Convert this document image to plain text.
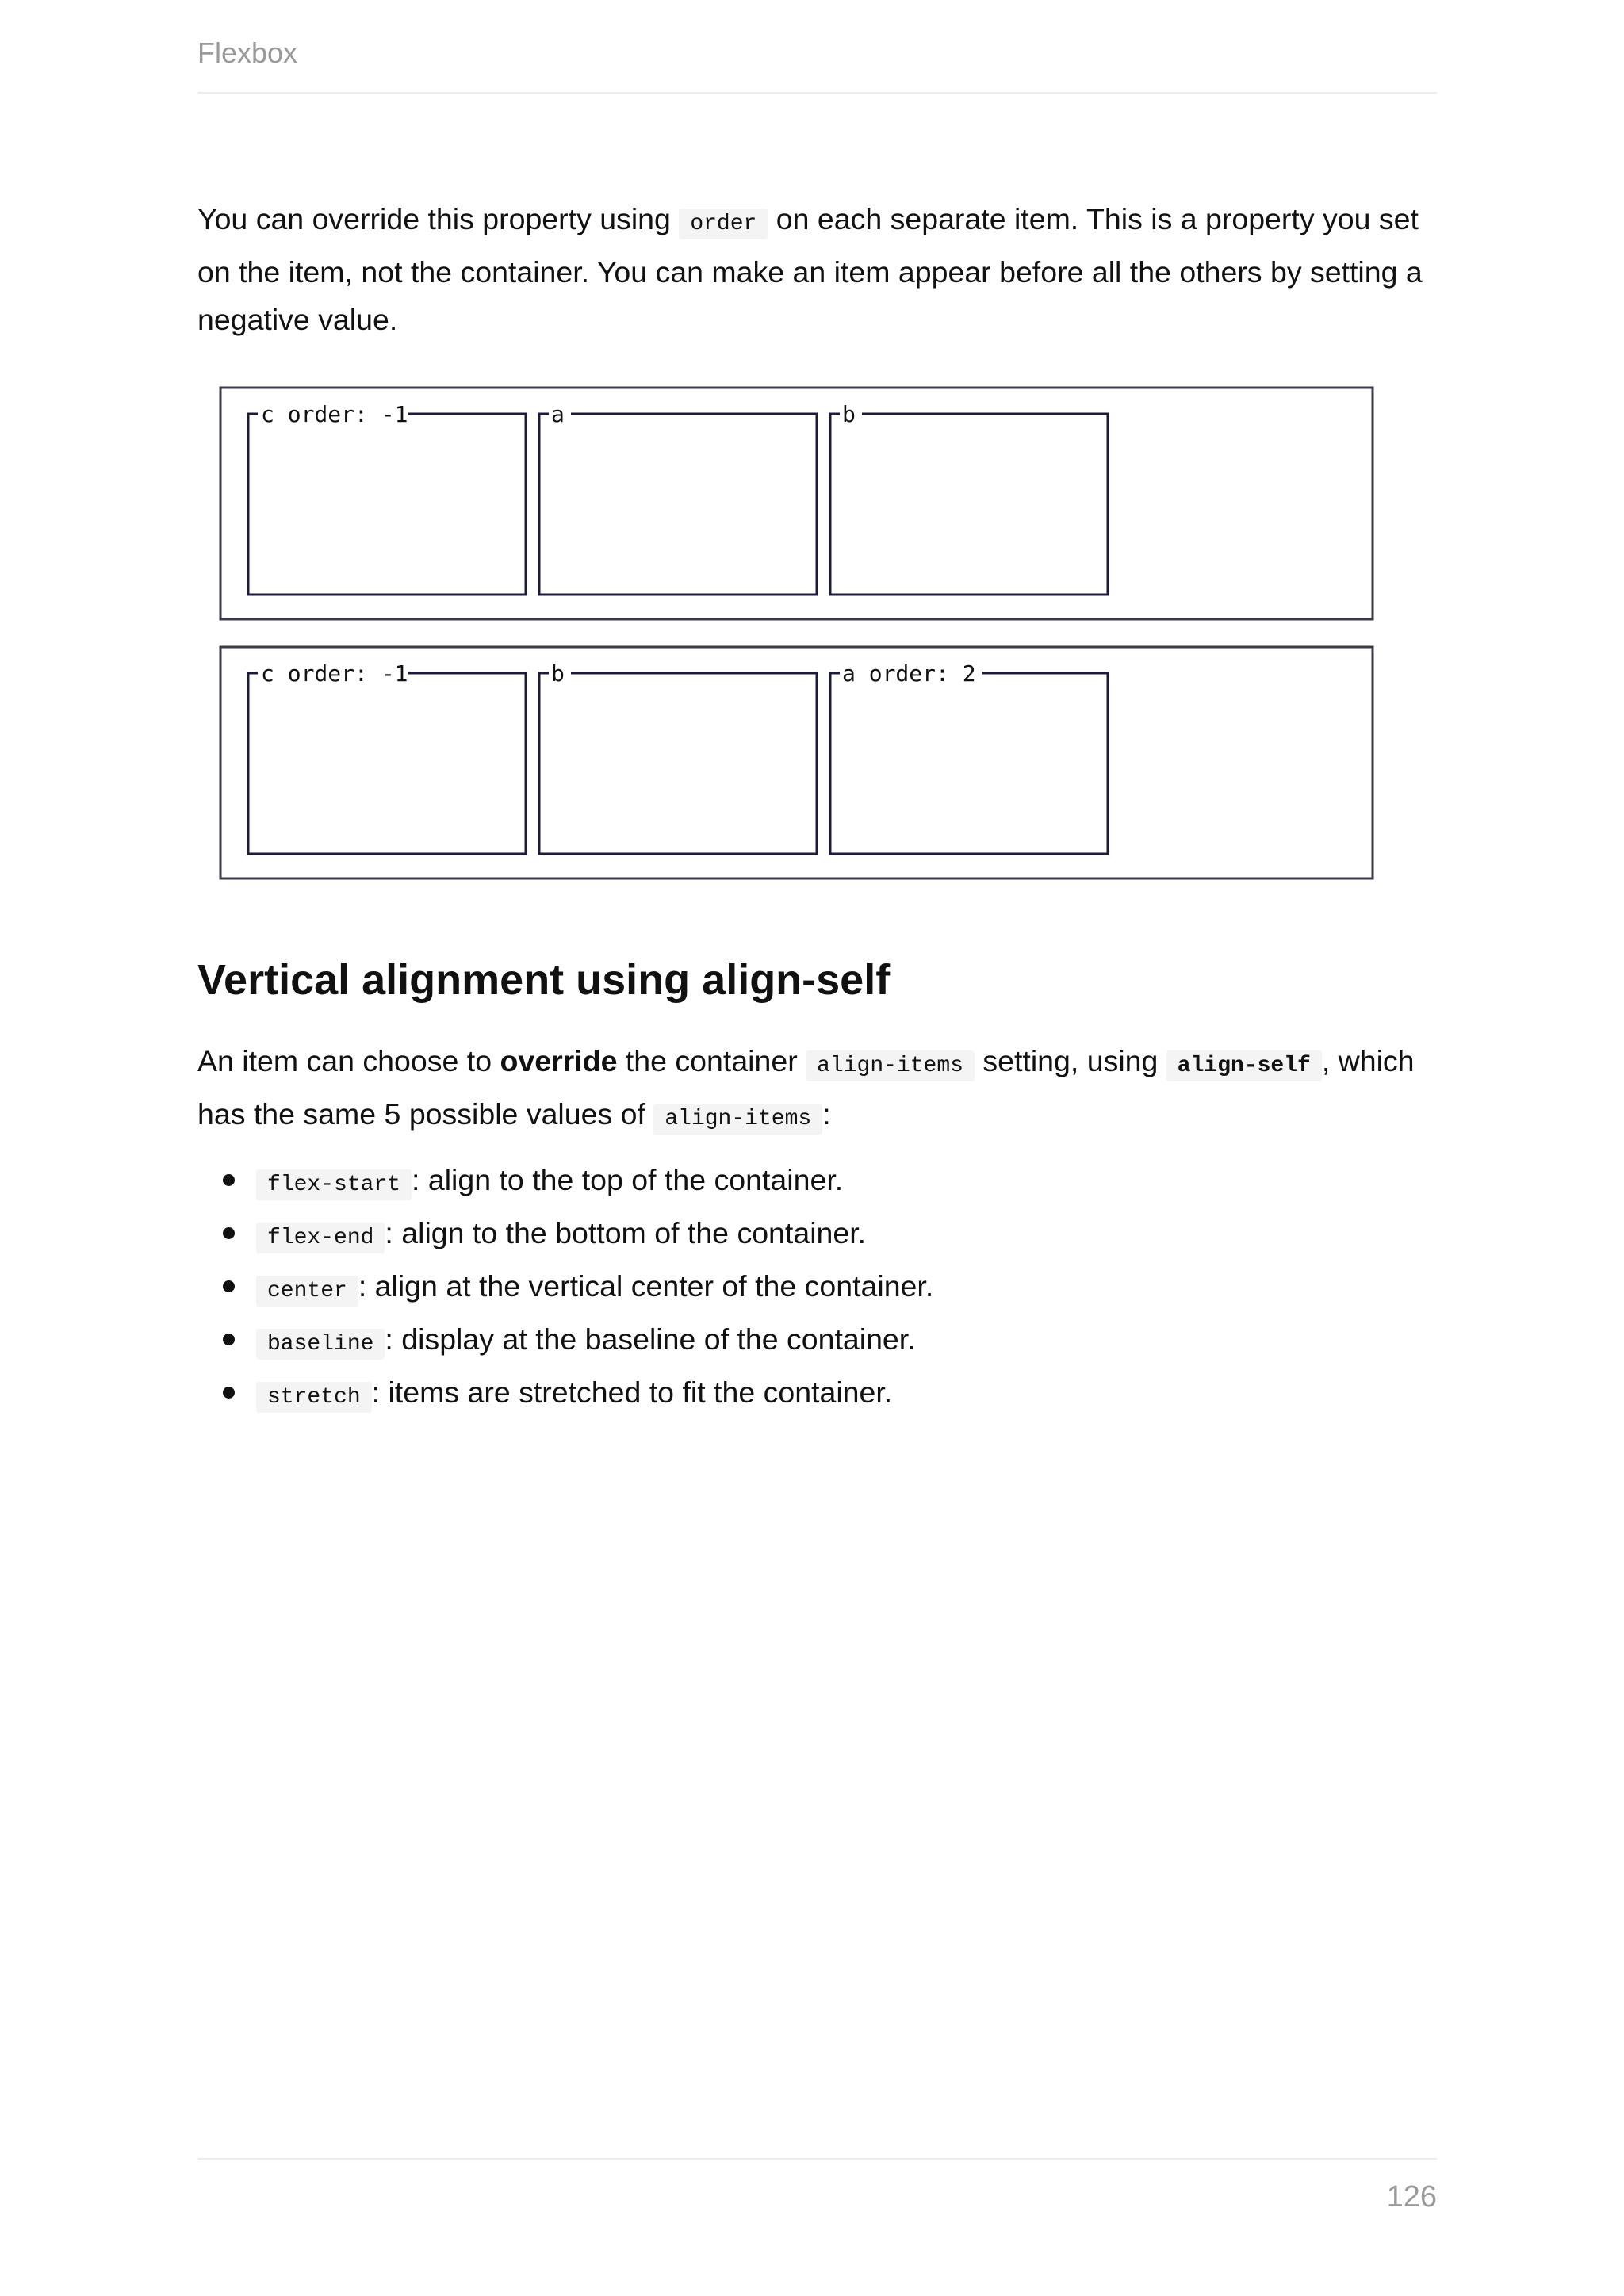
Flexbox

You can override this property using order on each separate item. This is a property you set on the item, not the container. You can make an item appear before all the others by setting a negative value.

c order: -1	a	b
c order: -1	b	a order: 2
Vertical alignment using align-self

An item can choose to override the container align-items setting, using align-self , which has the same 5 possible values of align-items :

flex-start : align to the top of the container.
flex-end : align to the bottom of the container.
center : align at the vertical center of the container.
baseline : display at the baseline of the container.
stretch : items are stretched to fit the container.
126
